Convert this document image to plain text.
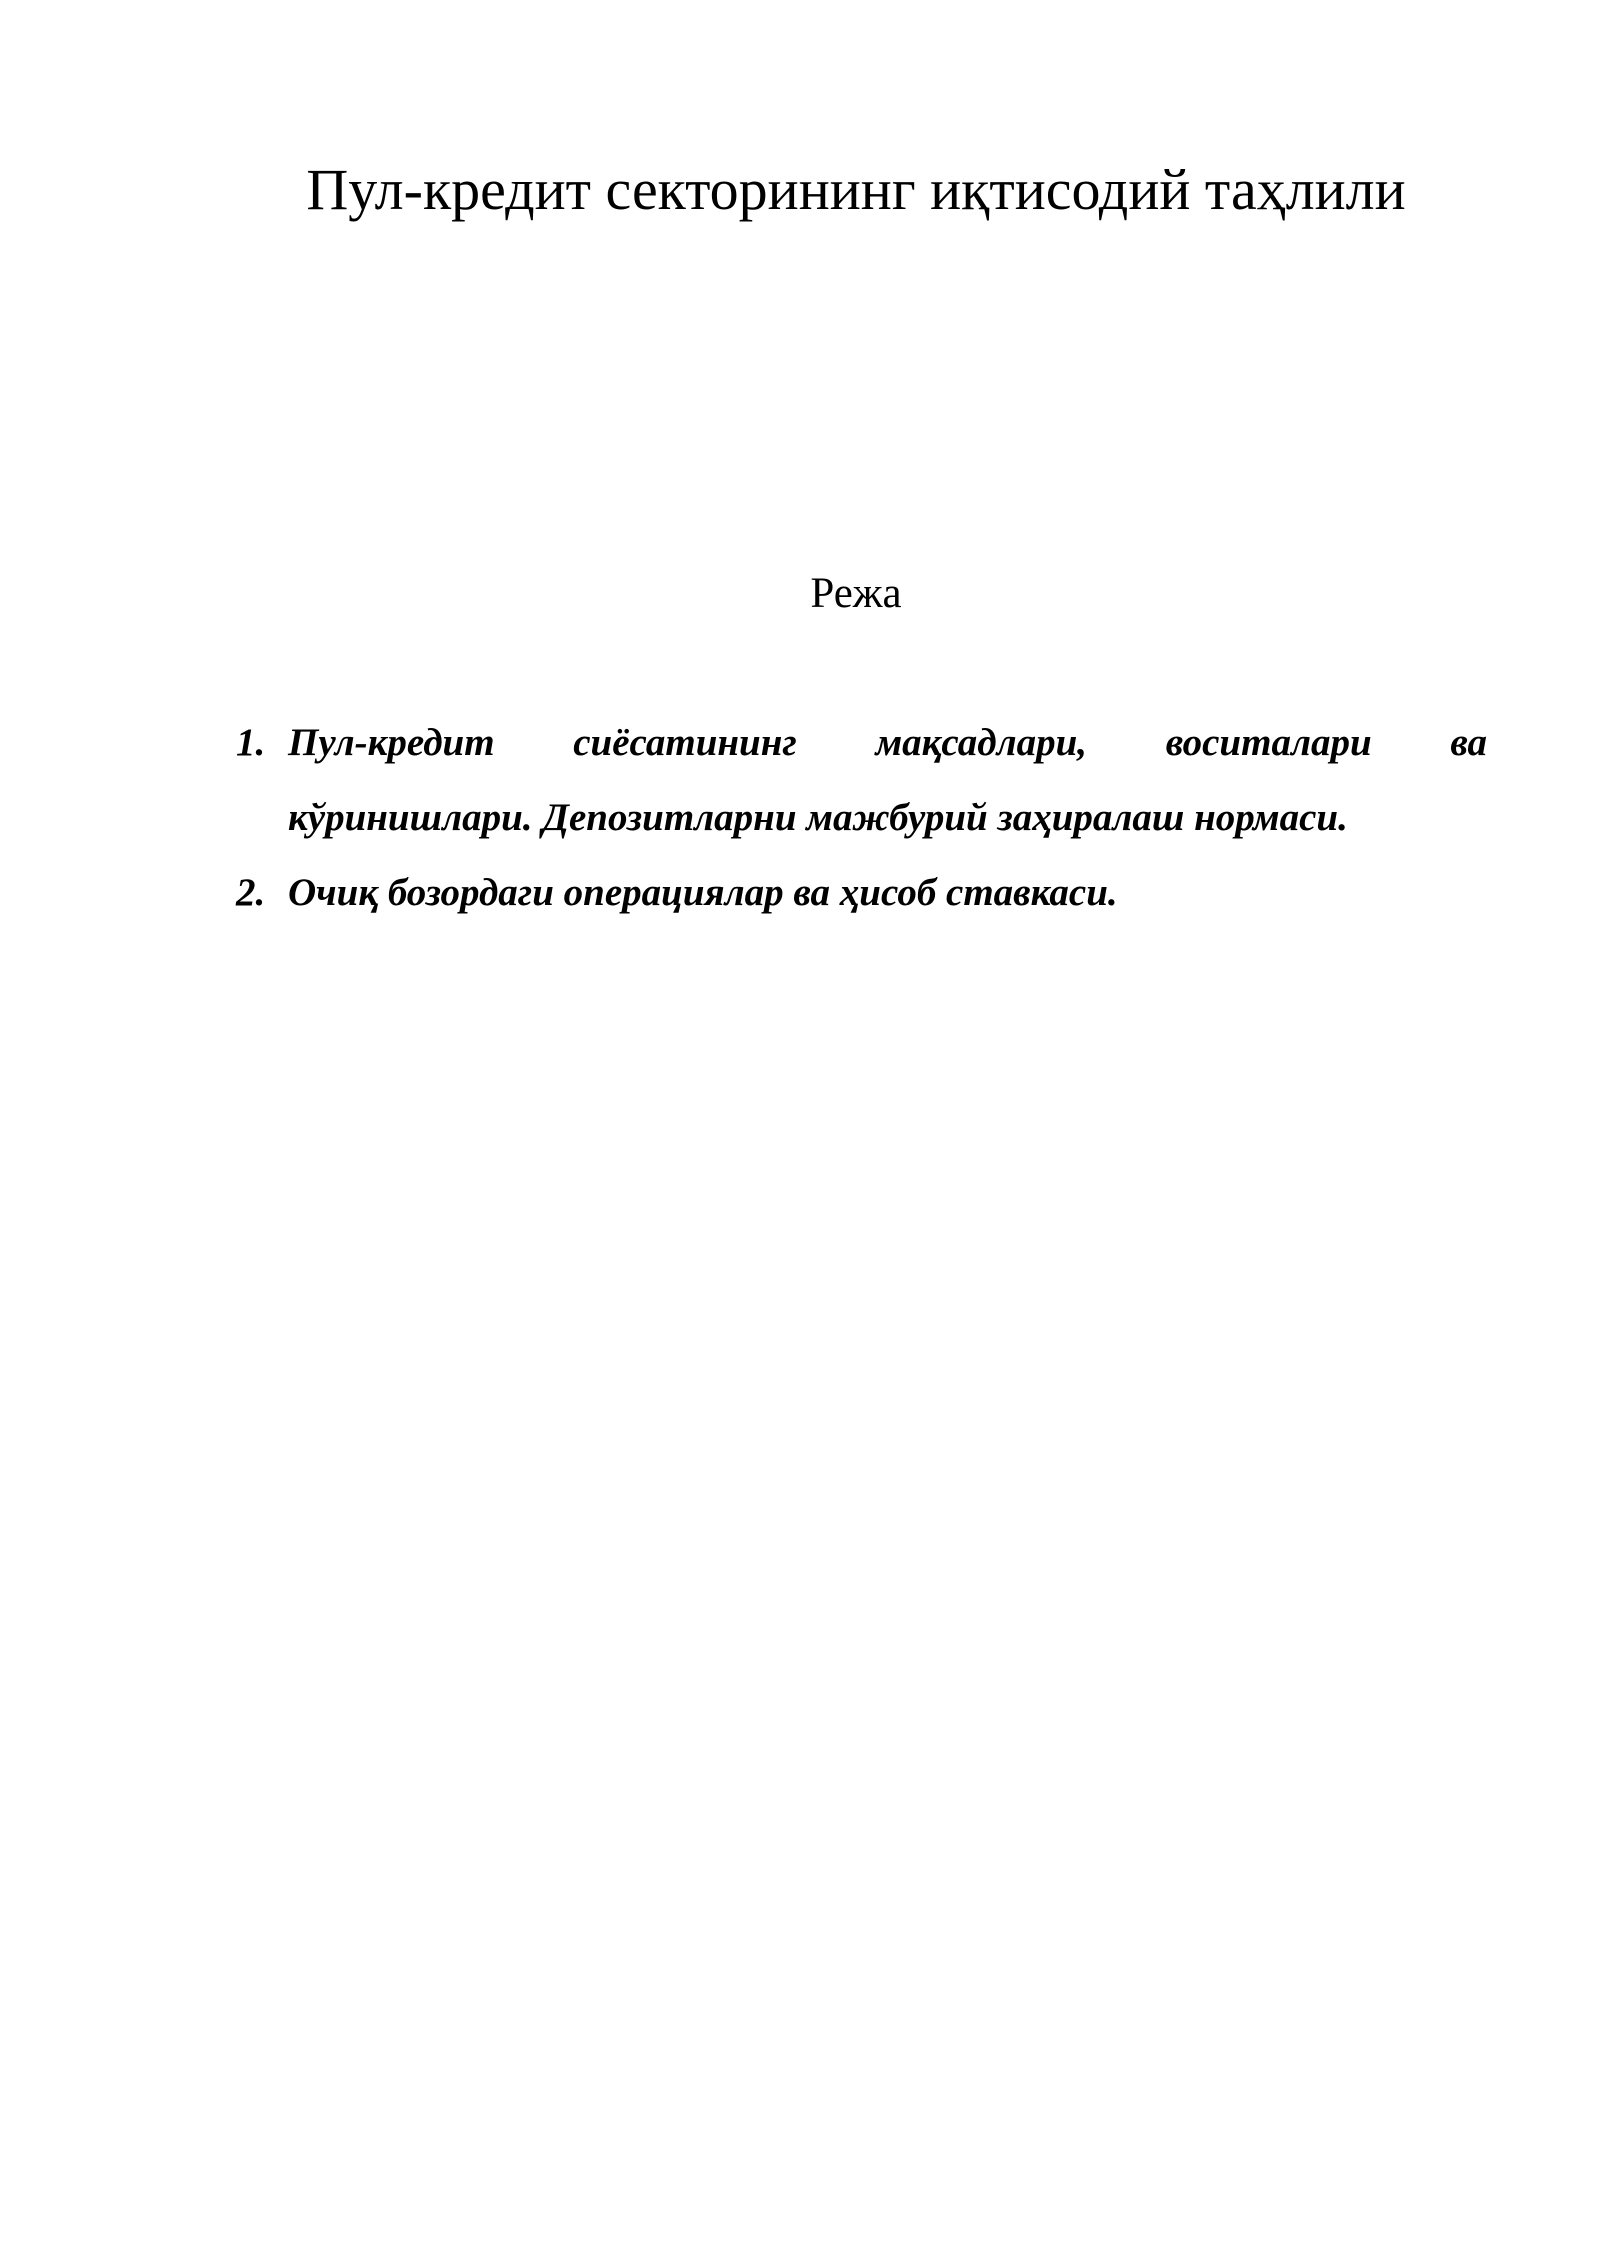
Пул-кредит секторининг иқтисодий таҳлили
Режа
1. Пул-кредит сиёсатининг мақсадлари, воситалари ва
кўринишлари. Депозитларни мажбурий заҳиралаш нормаси.
2. Очиқ бозордаги операциялар ва ҳисоб ставкаси.
